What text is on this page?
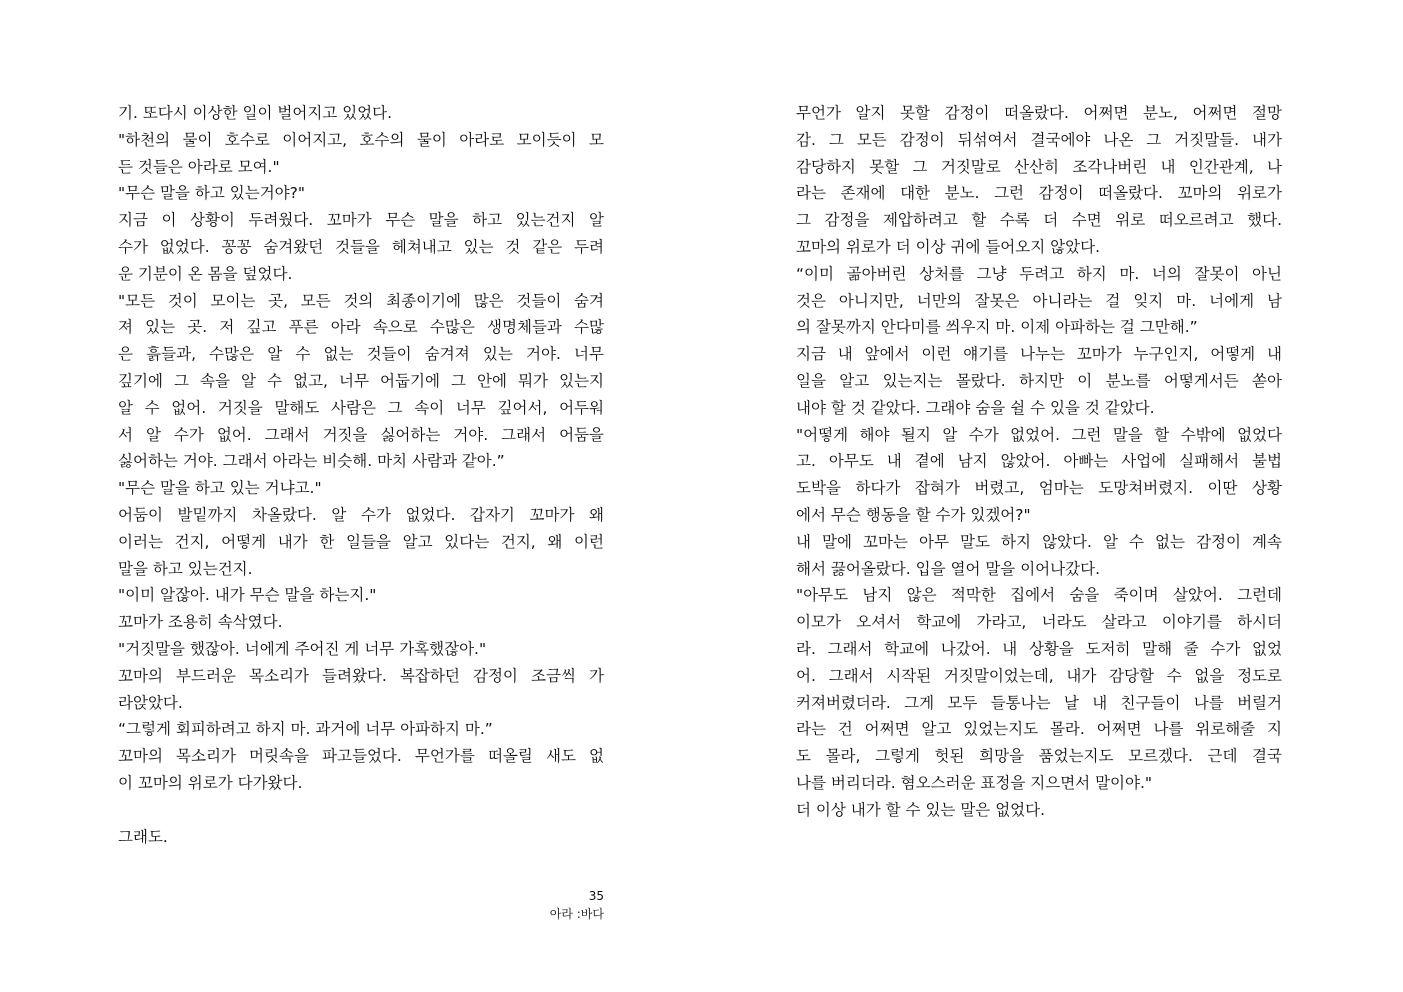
기. 또다시 이상한 일이 벌어지고 있었다.
"하천의 물이 호수로 이어지고, 호수의 물이 아라로 모이듯이 모
든 것들은 아라로 모여."
"무슨 말을 하고 있는거야?"
지금 이 상황이 두려웠다. 꼬마가 무슨 말을 하고 있는건지 알
수가 없었다. 꽁꽁 숨겨왔던 것들을 헤쳐내고 있는 것 같은 두려
운 기분이 온 몸을 덮었다.
"모든 것이 모이는 곳, 모든 것의 최종이기에 많은 것들이 숨겨
져 있는 곳. 저 깊고 푸른 아라 속으로 수많은 생명체들과 수많
은 흙들과, 수많은 알 수 없는 것들이 숨겨져 있는 거야. 너무
깊기에 그 속을 알 수 없고, 너무 어둡기에 그 안에 뭐가 있는지
알 수 없어. 거짓을 말해도 사람은 그 속이 너무 깊어서, 어두워
서 알 수가 없어. 그래서 거짓을 싫어하는 거야. 그래서 어둠을
싫어하는 거야. 그래서 아라는 비슷해. 마치 사람과 같아.”
"무슨 말을 하고 있는 거냐고."
어둠이 발밑까지 차올랐다. 알 수가 없었다. 갑자기 꼬마가 왜
이러는 건지, 어떻게 내가 한 일들을 알고 있다는 건지, 왜 이런
말을 하고 있는건지.
"이미 알잖아. 내가 무슨 말을 하는지."
꼬마가 조용히 속삭였다.
"거짓말을 했잖아. 너에게 주어진 게 너무 가혹했잖아."
꼬마의 부드러운 목소리가 들려왔다. 복잡하던 감정이 조금씩 가
라앉았다.
“그렇게 회피하려고 하지 마. 과거에 너무 아파하지 마.”
꼬마의 목소리가 머릿속을 파고들었다. 무언가를 떠올릴 새도 없
이 꼬마의 위로가 다가왔다.
그래도.
무언가 알지 못할 감정이 떠올랐다. 어쩌면 분노, 어쩌면 절망
감. 그 모든 감정이 뒤섞여서 결국에야 나온 그 거짓말들. 내가
감당하지 못할 그 거짓말로 산산히 조각나버린 내 인간관계, 나
라는 존재에 대한 분노. 그런 감정이 떠올랐다. 꼬마의 위로가
그 감정을 제압하려고 할 수록 더 수면 위로 떠오르려고 했다.
꼬마의 위로가 더 이상 귀에 들어오지 않았다.
“이미 곪아버린 상처를 그냥 두려고 하지 마. 너의 잘못이 아닌
것은 아니지만, 너만의 잘못은 아니라는 걸 잊지 마. 너에게 남
의 잘못까지 안다미를 씌우지 마. 이제 아파하는 걸 그만해.”
지금 내 앞에서 이런 얘기를 나누는 꼬마가 누구인지, 어떻게 내
일을 알고 있는지는 몰랐다. 하지만 이 분노를 어떻게서든 쏟아
내야 할 것 같았다. 그래야 숨을 쉴 수 있을 것 같았다.
"어떻게 해야 될지 알 수가 없었어. 그런 말을 할 수밖에 없었다
고. 아무도 내 곁에 남지 않았어. 아빠는 사업에 실패해서 불법
도박을 하다가 잡혀가 버렸고, 엄마는 도망쳐버렸지. 이딴 상황
에서 무슨 행동을 할 수가 있겠어?"
내 말에 꼬마는 아무 말도 하지 않았다. 알 수 없는 감정이 계속
해서 끓어올랐다. 입을 열어 말을 이어나갔다.
"아무도 남지 않은 적막한 집에서 숨을 죽이며 살았어. 그런데
이모가 오셔서 학교에 가라고, 너라도 살라고 이야기를 하시더
라. 그래서 학교에 나갔어. 내 상황을 도저히 말해 줄 수가 없었
어. 그래서 시작된 거짓말이었는데, 내가 감당할 수 없을 정도로
커져버렸더라. 그게 모두 들통나는 날 내 친구들이 나를 버릴거
라는 건 어쩌면 알고 있었는지도 몰라. 어쩌면 나를 위로해줄 지
도 몰라, 그렇게 헛된 희망을 품었는지도 모르겠다. 근데 결국
나를 버리더라. 혐오스러운 표정을 지으면서 말이야."
더 이상 내가 할 수 있는 말은 없었다.
35
아라 :바다
